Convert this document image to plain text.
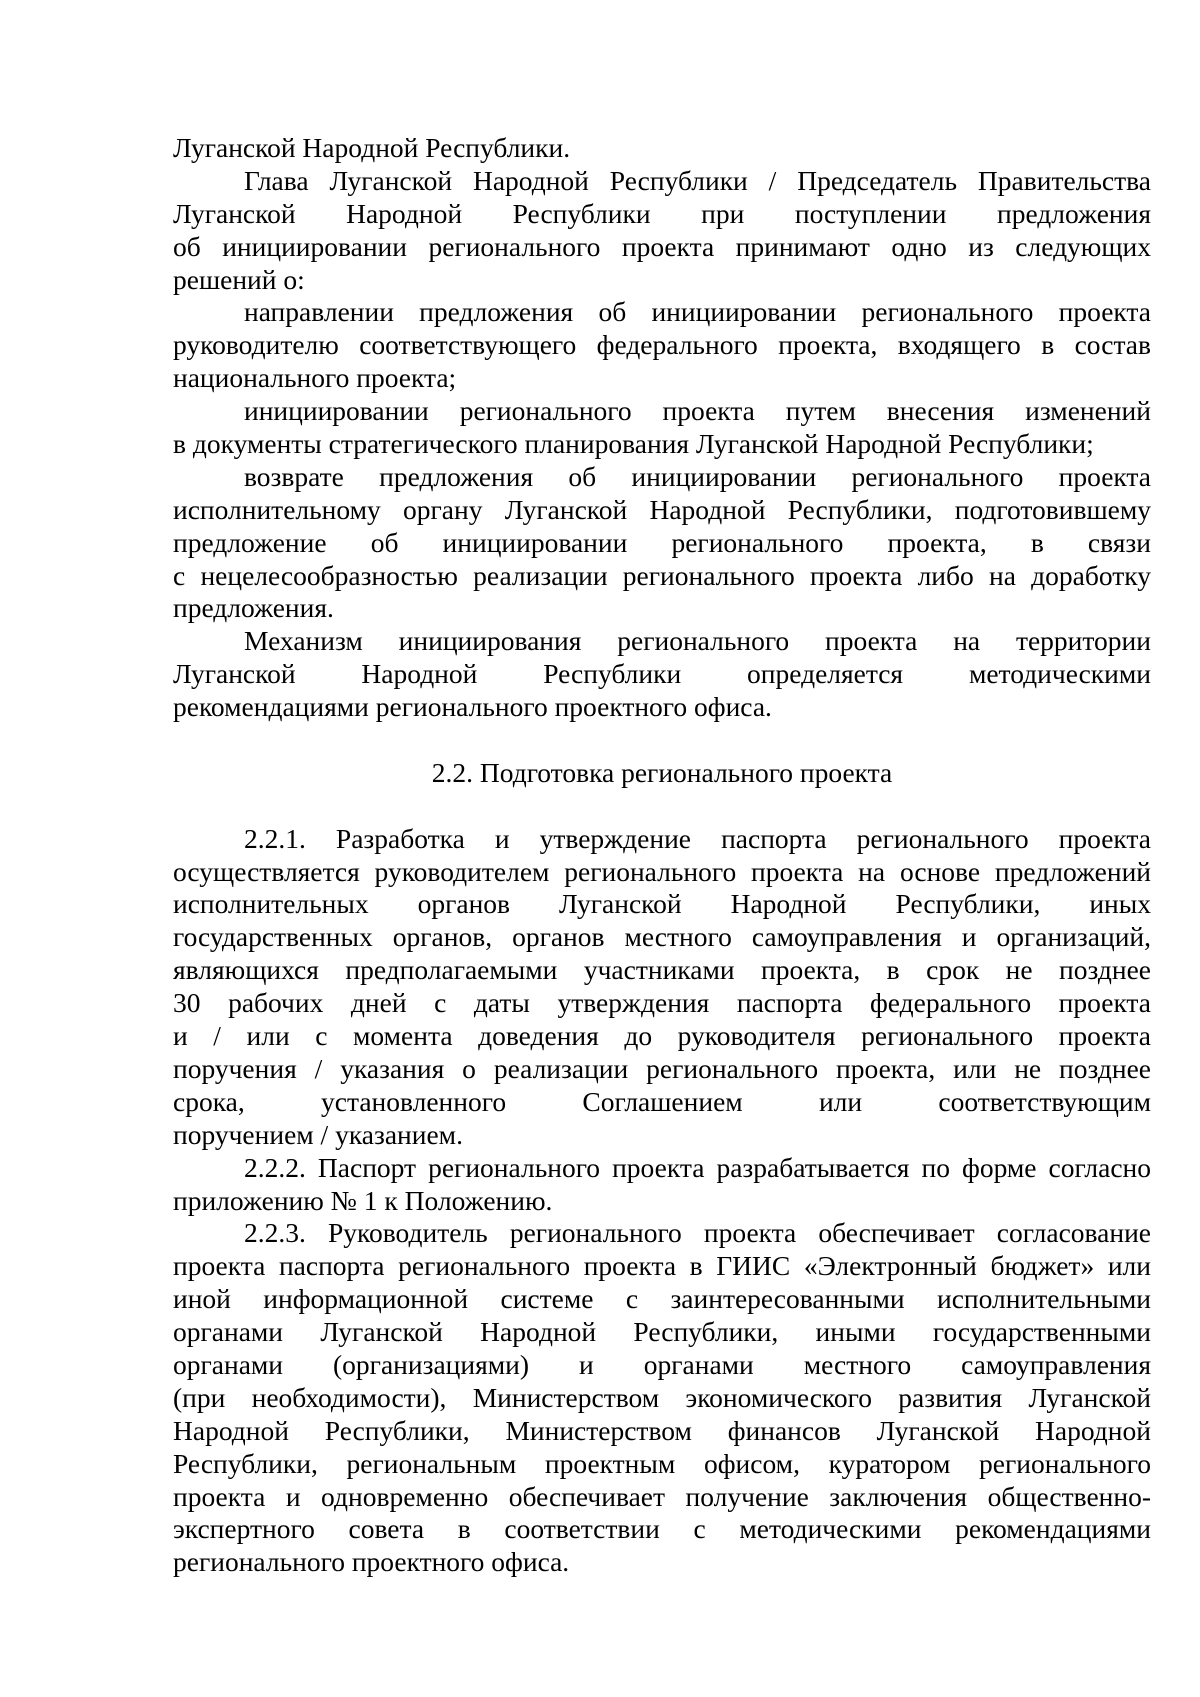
Луганской Народной Республики.
Глава Луганской Народной Республики / Председатель Правительства
Луганской Народной Республики при поступлении предложения
об инициировании регионального проекта принимают одно из следующих
решений о:
направлении предложения об инициировании регионального проекта
руководителю соответствующего федерального проекта, входящего в состав
национального проекта;
инициировании регионального проекта путем внесения изменений
в документы стратегического планирования Луганской Народной Республики;
возврате предложения об инициировании регионального проекта
исполнительному органу Луганской Народной Республики, подготовившему
предложение об инициировании регионального проекта, в связи
с нецелесообразностью реализации регионального проекта либо на доработку
предложения.
Механизм инициирования регионального проекта на территории
Луганской Народной Республики определяется методическими
рекомендациями регионального проектного офиса.
2.2. Подготовка регионального проекта
2.2.1. Разработка и утверждение паспорта регионального проекта
осуществляется руководителем регионального проекта на основе предложений
исполнительных органов Луганской Народной Республики, иных
государственных органов, органов местного самоуправления и организаций,
являющихся предполагаемыми участниками проекта, в срок не позднее
30 рабочих дней с даты утверждения паспорта федерального проекта
и / или с момента доведения до руководителя регионального проекта
поручения / указания о реализации регионального проекта, или не позднее
срока, установленного Соглашением или соответствующим
поручением / указанием.
2.2.2. Паспорт регионального проекта разрабатывается по форме согласно
приложению № 1 к Положению.
2.2.3. Руководитель регионального проекта обеспечивает согласование
проекта паспорта регионального проекта в ГИИС «Электронный бюджет» или
иной информационной системе с заинтересованными исполнительными
органами Луганской Народной Республики, иными государственными
органами (организациями) и органами местного самоуправления
(при необходимости), Министерством экономического развития Луганской
Народной Республики, Министерством финансов Луганской Народной
Республики, региональным проектным офисом, куратором регионального
проекта и одновременно обеспечивает получение заключения общественно-
экспертного совета в соответствии с методическими рекомендациями
регионального проектного офиса.
